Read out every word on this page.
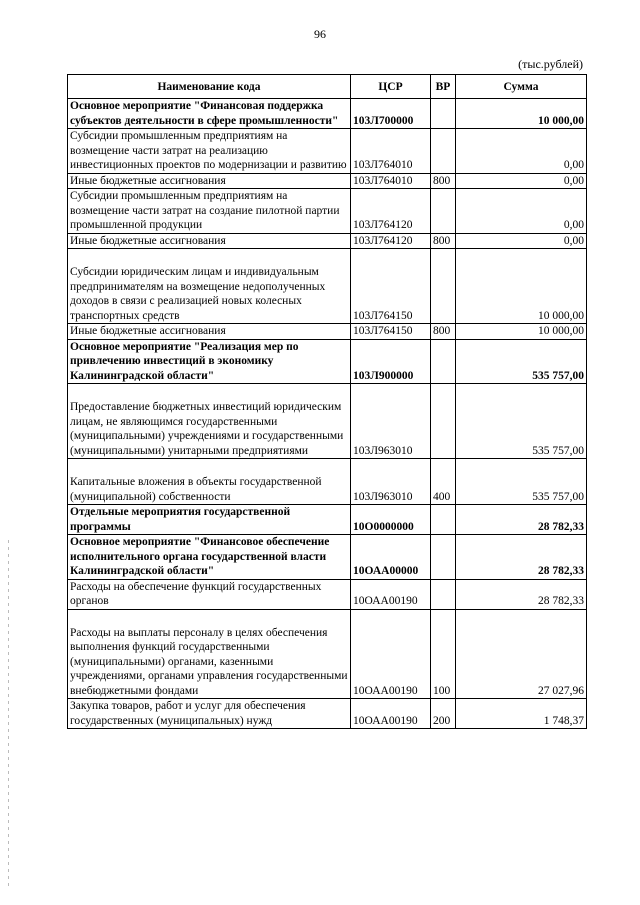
96
(тыс.рублей)
Наименование кода	ЦСР	ВР	Сумма
Основное мероприятие "Финансовая поддержка субъектов деятельности в сфере промышленности"	103Л700000		10 000,00
Субсидии промышленным предприятиям на возмещение части затрат на реализацию инвестиционных проектов по модернизации и развитию	103Л764010		0,00
Иные бюджетные ассигнования	103Л764010	800	0,00
Субсидии промышленным предприятиям на возмещение части затрат на создание пилотной партии промышленной продукции	103Л764120		0,00
Иные бюджетные ассигнования	103Л764120	800	0,00
Субсидии юридическим лицам и индивидуальным предпринимателям на возмещение недополученных доходов в связи с реализацией новых колесных транспортных средств	103Л764150		10 000,00
Иные бюджетные ассигнования	103Л764150	800	10 000,00
Основное мероприятие "Реализация мер по привлечению инвестиций в экономику Калининградской области"	103Л900000		535 757,00
Предоставление бюджетных инвестиций юридическим лицам, не являющимся государственными (муниципальными) учреждениями и государственными (муниципальными) унитарными предприятиями	103Л963010		535 757,00
Капитальные вложения в объекты государственной (муниципальной) собственности	103Л963010	400	535 757,00
Отдельные мероприятия государственной программы	10О0000000		28 782,33
Основное мероприятие "Финансовое обеспечение исполнительного органа государственной власти Калининградской области"	10ОАА00000		28 782,33
Расходы на обеспечение функций государственных органов	10ОАА00190		28 782,33
Расходы на выплаты персоналу в целях обеспечения выполнения функций государственными (муниципальными) органами, казенными учреждениями, органами управления государственными внебюджетными фондами	10ОАА00190	100	27 027,96
Закупка товаров, работ и услуг для обеспечения государственных (муниципальных) нужд	10ОАА00190	200	1 748,37
